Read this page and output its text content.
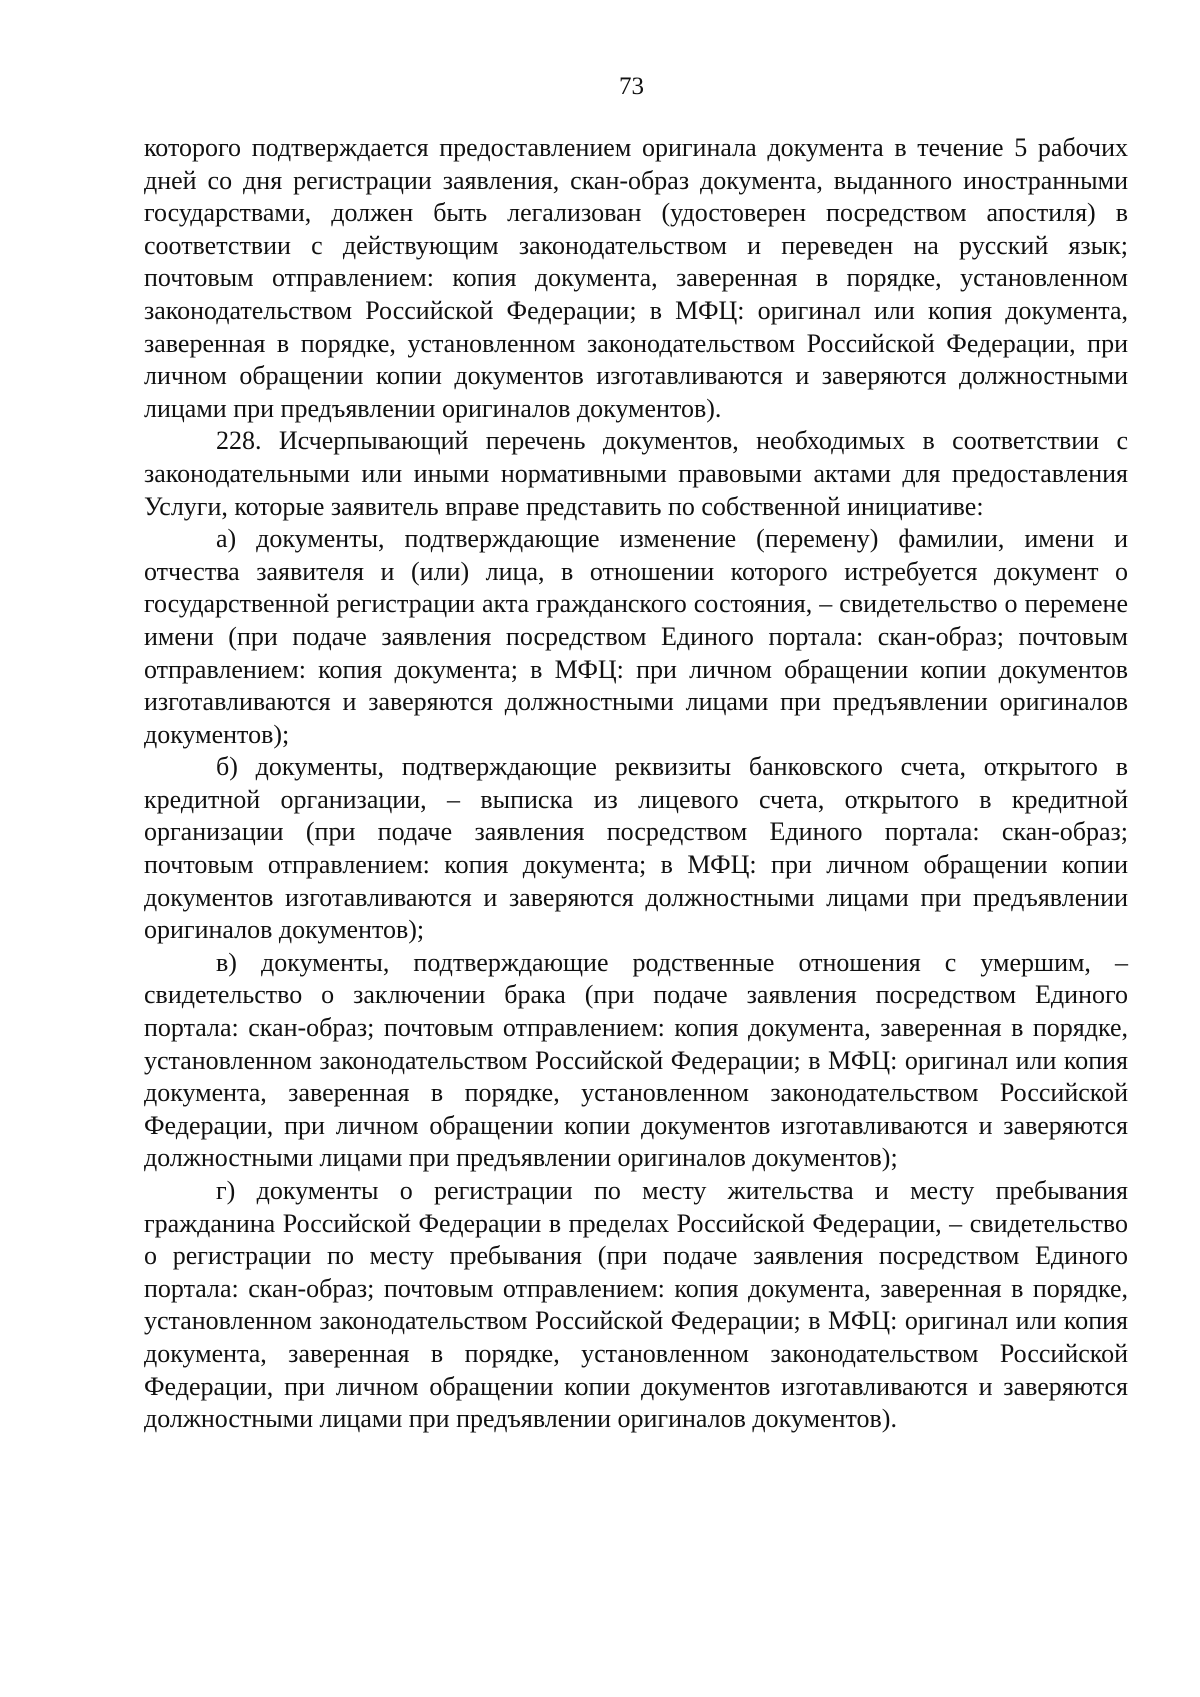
73

которого подтверждается предоставлением оригинала документа в течение 5 рабочих дней со дня регистрации заявления, скан-образ документа, выданного иностранными государствами, должен быть легализован (удостоверен посредством апостиля) в соответствии с действующим законодательством и переведен на русский язык; почтовым отправлением: копия документа, заверенная в порядке, установленном законодательством Российской Федерации; в МФЦ: оригинал или копия документа, заверенная в порядке, установленном законодательством Российской Федерации, при личном обращении копии документов изготавливаются и заверяются должностными лицами при предъявлении оригиналов документов).

228. Исчерпывающий перечень документов, необходимых в соответствии с законодательными или иными нормативными правовыми актами для предоставления Услуги, которые заявитель вправе представить по собственной инициативе:

а) документы, подтверждающие изменение (перемену) фамилии, имени и отчества заявителя и (или) лица, в отношении которого истребуется документ о государственной регистрации акта гражданского состояния, – свидетельство о перемене имени (при подаче заявления посредством Единого портала: скан-образ; почтовым отправлением: копия документа; в МФЦ: при личном обращении копии документов изготавливаются и заверяются должностными лицами при предъявлении оригиналов документов);

б) документы, подтверждающие реквизиты банковского счета, открытого в кредитной организации, – выписка из лицевого счета, открытого в кредитной организации (при подаче заявления посредством Единого портала: скан-образ; почтовым отправлением: копия документа; в МФЦ: при личном обращении копии документов изготавливаются и заверяются должностными лицами при предъявлении оригиналов документов);

в) документы, подтверждающие родственные отношения с умершим, – свидетельство о заключении брака (при подаче заявления посредством Единого портала: скан-образ; почтовым отправлением: копия документа, заверенная в порядке, установленном законодательством Российской Федерации; в МФЦ: оригинал или копия документа, заверенная в порядке, установленном законодательством Российской Федерации, при личном обращении копии документов изготавливаются и заверяются должностными лицами при предъявлении оригиналов документов);

г) документы о регистрации по месту жительства и месту пребывания гражданина Российской Федерации в пределах Российской Федерации, – свидетельство о регистрации по месту пребывания (при подаче заявления посредством Единого портала: скан-образ; почтовым отправлением: копия документа, заверенная в порядке, установленном законодательством Российской Федерации; в МФЦ: оригинал или копия документа, заверенная в порядке, установленном законодательством Российской Федерации, при личном обращении копии документов изготавливаются и заверяются должностными лицами при предъявлении оригиналов документов).
